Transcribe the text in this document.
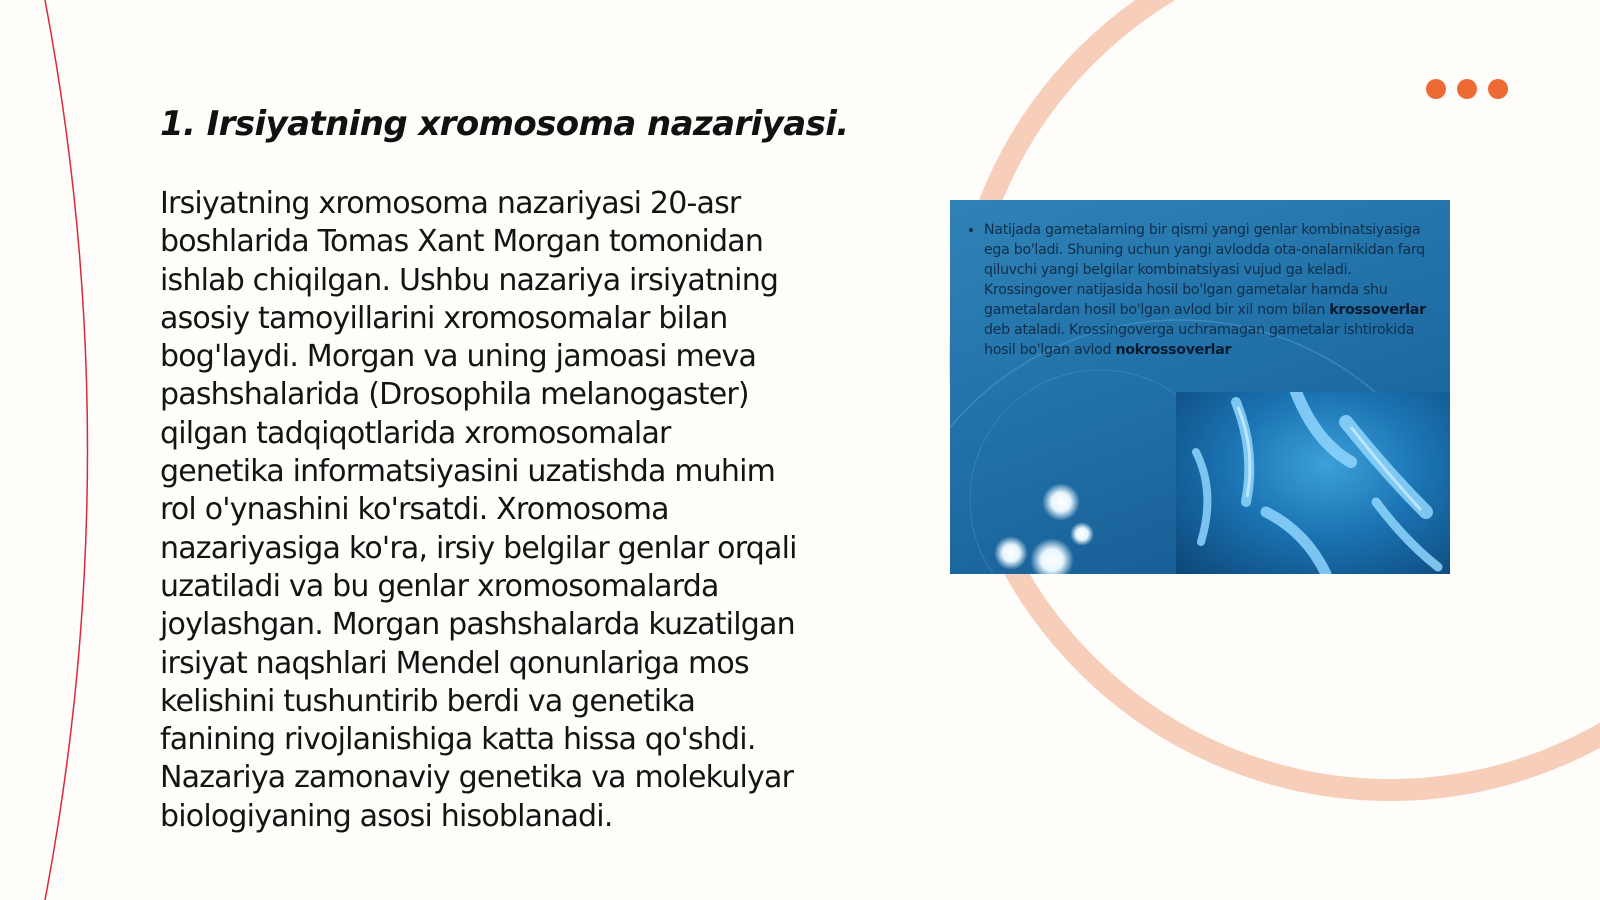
1. Irsiyatning xromosoma nazariyasi.
Irsiyatning xromosoma nazariyasi 20-asr
boshlarida Tomas Xant Morgan tomonidan
ishlab chiqilgan. Ushbu nazariya irsiyatning
asosiy tamoyillarini xromosomalar bilan
bog'laydi. Morgan va uning jamoasi meva
pashshalarida (Drosophila melanogaster)
qilgan tadqiqotlarida xromosomalar
genetika informatsiyasini uzatishda muhim
rol o'ynashini ko'rsatdi. Xromosoma
nazariyasiga ko'ra, irsiy belgilar genlar orqali
uzatiladi va bu genlar xromosomalarda
joylashgan. Morgan pashshalarda kuzatilgan
irsiyat naqshlari Mendel qonunlariga mos
kelishini tushuntirib berdi va genetika
fanining rivojlanishiga katta hissa qo'shdi.
Nazariya zamonaviy genetika va molekulyar
biologiyaning asosi hisoblanadi.
• Natijada gametalarning bir qismi yangi genlar kombinatsiyasiga ega bo'ladi. Shuning uchun yangi avlodda ota-onalarnikidan farq qiluvchi yangi belgilar kombinatsiyasi vujud ga keladi. Krossingover natijasida hosil bo'lgan gametalar hamda shu gametalardan hosil bo'lgan avlod bir xil nom bilan krossoverlar deb ataladi. Krossingoverga uchramagan gametalar ishtirokida hosil bo'lgan avlod nokrossoverlar
